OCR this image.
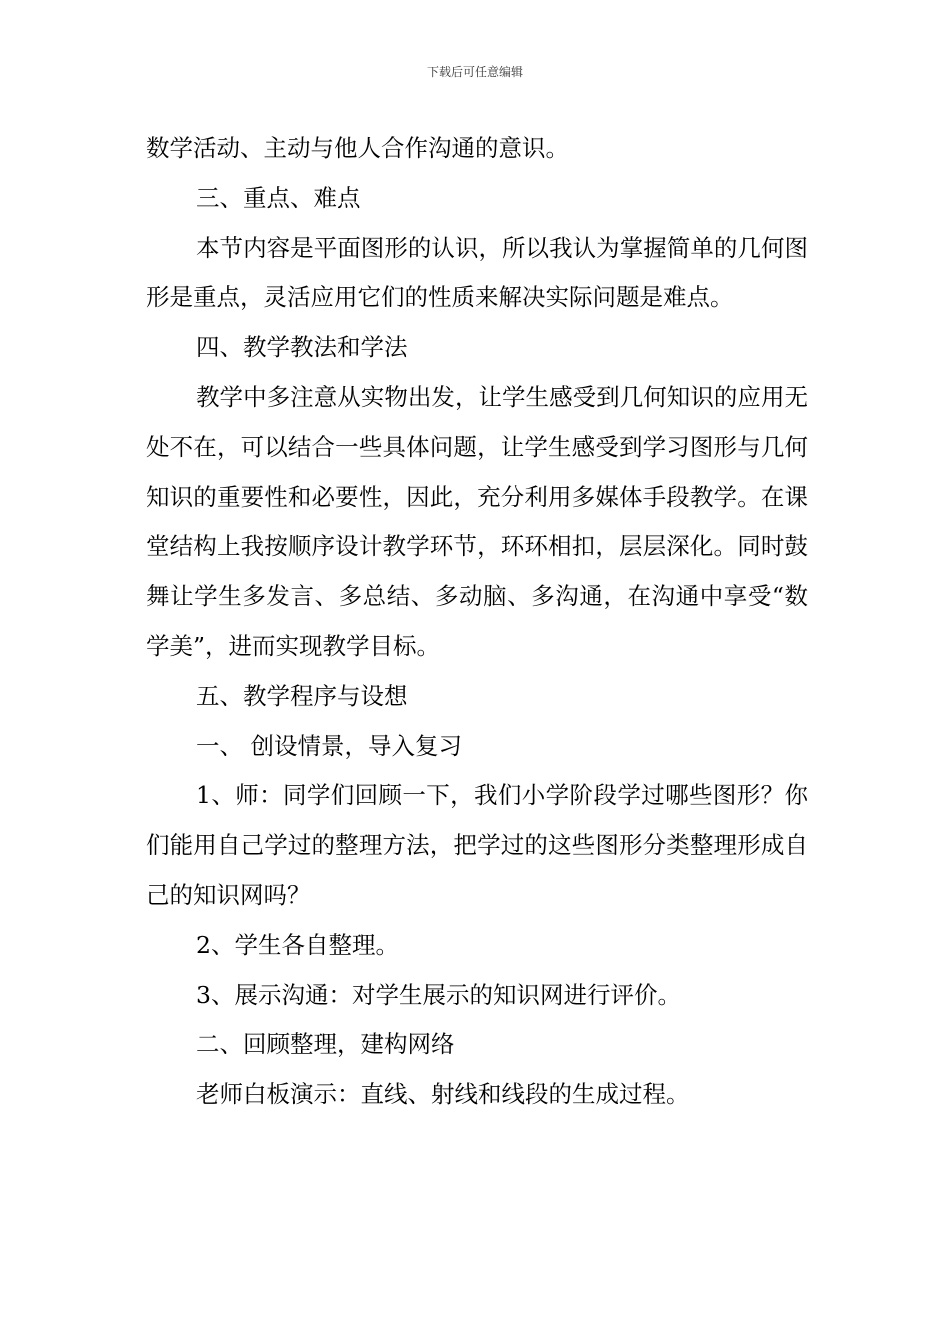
下载后可任意编辑

数学活动、主动与他人合作沟通的意识。

三、重点、难点

本节内容是平面图形的认识，所以我认为掌握简单的几何图形是重点，灵活应用它们的性质来解决实际问题是难点。

四、教学教法和学法

教学中多注意从实物出发，让学生感受到几何知识的应用无处不在，可以结合一些具体问题，让学生感受到学习图形与几何知识的重要性和必要性，因此，充分利用多媒体手段教学。在课堂结构上我按顺序设计教学环节，环环相扣，层层深化。同时鼓舞让学生多发言、多总结、多动脑、多沟通，在沟通中享受“数学美”，进而实现教学目标。

五、教学程序与设想

一、 创设情景，导入复习

1、师：同学们回顾一下，我们小学阶段学过哪些图形？你们能用自己学过的整理方法，把学过的这些图形分类整理形成自己的知识网吗？

2、学生各自整理。

3、展示沟通：对学生展示的知识网进行评价。

二、回顾整理，建构网络

老师白板演示：直线、射线和线段的生成过程。
